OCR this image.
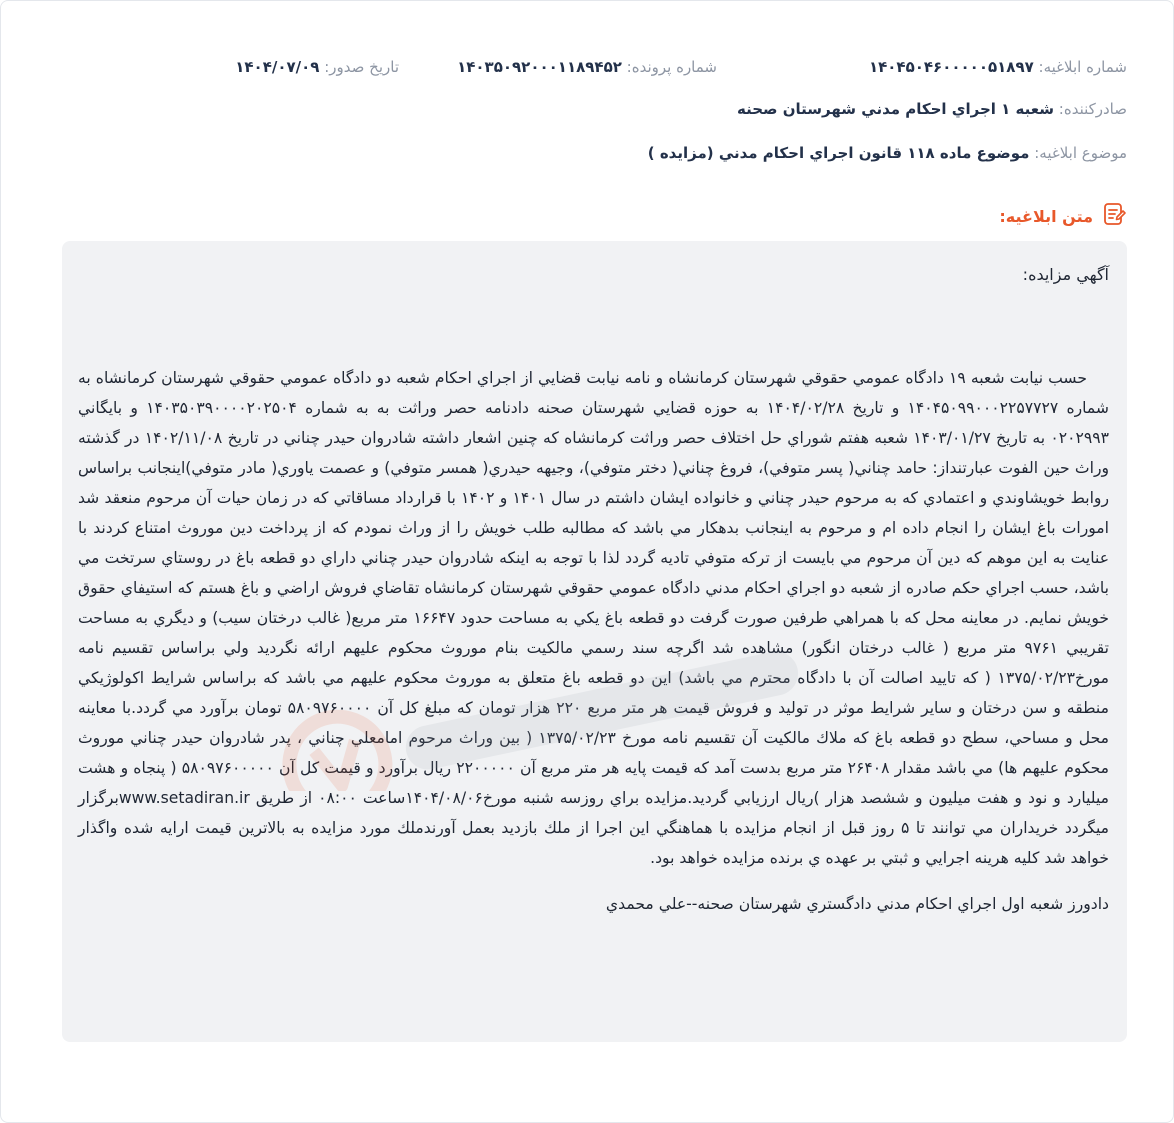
شماره ابلاغیه: ۱۴۰۴۵۰۴۶۰۰۰۰۰۵۱۸۹۷
شماره پرونده: ۱۴۰۳۵۰۹۲۰۰۰۱۱۸۹۴۵۲
تاریخ صدور: ۱۴۰۴/۰۷/۰۹
صادرکننده: شعبه ۱ اجراي احكام مدني شهرستان صحنه
موضوع ابلاغیه: موضوع ماده ۱۱۸ قانون اجراي احكام مدني (مزايده )
متن ابلاغیه:
آگهي مزايده:

حسب نيابت شعبه ۱۹ دادگاه عمومي حقوقي شهرستان كرمانشاه و نامه نيابت قضايي از اجراي احكام شعبه دو دادگاه عمومي حقوقي شهرستان كرمانشاه به شماره ۱۴۰۴۵۰۹۹۰۰۰۲۲۵۷۷۲۷ و تاريخ ۱۴۰۴/۰۲/۲۸ به حوزه قضايي شهرستان صحنه دادنامه حصر وراثت به به شماره ۱۴۰۳۵۰۳۹۰۰۰۰۲۰۲۵۰۴ و بايگاني ۰۲۰۲۹۹۳ به تاريخ ۱۴۰۳/۰۱/۲۷ شعبه هفتم شوراي حل اختلاف حصر وراثت كرمانشاه كه چنين اشعار داشته شادروان حيدر چناني در تاريخ ۱۴۰۲/۱۱/۰۸ در گذشته وراث حين الفوت عبارتنداز: حامد چناني( پسر متوفي)، فروغ چناني( دختر متوفي)، وجيهه حيدري( همسر متوفي) و عصمت ياوري( مادر متوفي)اينجانب براساس روابط خويشاوندي و اعتمادي كه به مرحوم حيدر چناني و خانواده ايشان داشتم در سال ۱۴۰۱ و ۱۴۰۲ با قرارداد مساقاتي كه در زمان حيات آن مرحوم منعقد شد امورات باغ ايشان را انجام داده ام و مرحوم به اينجانب بدهكار مي باشد كه مطالبه طلب خويش را از وراث نمودم كه از پرداخت دين موروث امتناع كردند با عنايت به اين موهم كه دين آن مرحوم مي بايست از تركه متوفي تاديه گردد لذا با توجه به اينكه شادروان حيدر چناني داراي دو قطعه باغ در روستاي سرتخت مي باشد، حسب اجراي حكم صادره از شعبه دو اجراي احكام مدني دادگاه عمومي حقوقي شهرستان كرمانشاه تقاضاي فروش اراضي و باغ هستم كه استيفاي حقوق خويش نمايم. در معاينه محل كه با همراهي طرفين صورت گرفت دو قطعه باغ يكي به مساحت حدود ۱۶۶۴۷ متر مربع( غالب درختان سيب) و ديگري به مساحت تقريبي ۹۷۶۱ متر مربع ( غالب درختان انگور) مشاهده شد اگرچه سند رسمي مالكيت بنام موروث محكوم عليهم ارائه نگرديد ولي براساس تقسيم نامه مورخ۱۳۷۵/۰۲/۲۳ ( كه تاييد اصالت آن با دادگاه محترم مي باشد) اين دو قطعه باغ متعلق به موروث محكوم عليهم مي باشد كه براساس شرايط اكولوژيكي منطقه و سن درختان و ساير شرايط موثر در توليد و فروش قيمت هر متر مربع ۲۲۰ هزار تومان كه مبلغ كل آن ۵۸۰۹۷۶۰۰۰۰ تومان برآورد مي گردد.با معاينه محل و مساحي، سطح دو قطعه باغ كه ملاك مالكيت آن تقسيم نامه مورخ ۱۳۷۵/۰۲/۲۳ ( بين وراث مرحوم امامعلي چناني ، پدر شادروان حيدر چناني موروث محكوم عليهم ها) مي باشد مقدار ۲۶۴۰۸ متر مربع بدست آمد كه قيمت پايه هر متر مربع آن ۲۲۰۰۰۰۰ ريال برآورد و قيمت كل آن ۵۸۰۹۷۶۰۰۰۰۰ ( پنجاه و هشت ميليارد و نود و هفت ميليون و ششصد هزار )ريال ارزيابي گرديد.مزايده براي روزسه شنبه مورخ۱۴۰۴/۰۸/۰۶ساعت ۰۸:۰۰ از طريق www.setadiran.irبرگزار ميگردد خريداران مي توانند تا ۵ روز قبل از انجام مزايده با هماهنگي اين اجرا از ملك بازديد بعمل آورندملك مورد مزايده به بالاترين قيمت ارايه شده واگذار خواهد شد كليه هرينه اجرايي و ثبتي بر عهده ي برنده مزايده خواهد بود.

دادورز شعبه اول اجراي احكام مدني دادگستري شهرستان صحنه--علي محمدي
